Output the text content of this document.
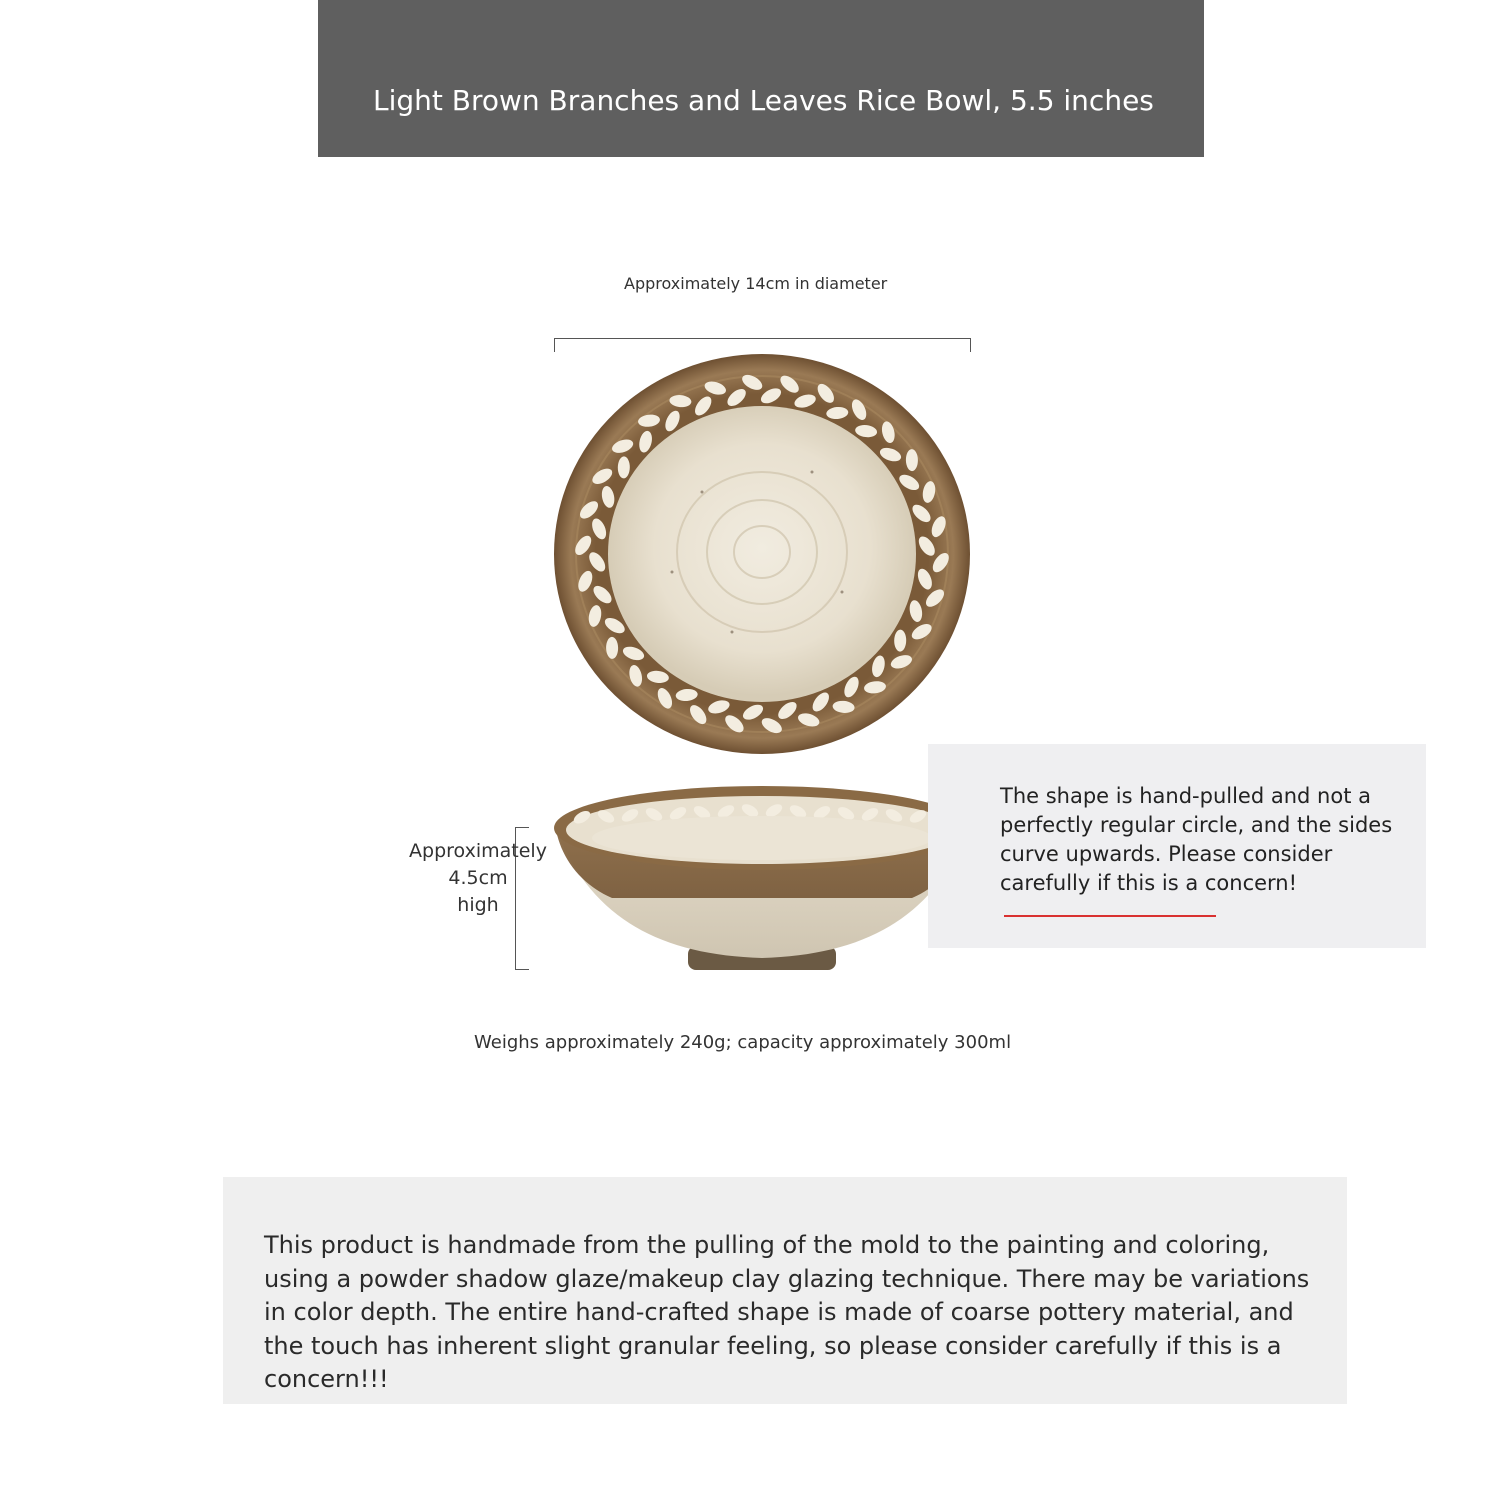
Light Brown Branches and Leaves Rice Bowl, 5.5 inches
Approximately 14cm in diameter
Approximately
4.5cm
high
The shape is hand-pulled and not a perfectly regular circle, and the sides curve upwards. Please consider carefully if this is a concern!
Weighs approximately 240g; capacity approximately 300ml
This product is handmade from the pulling of the mold to the painting and coloring, using a powder shadow glaze/makeup clay glazing technique. There may be variations in color depth. The entire hand-crafted shape is made of coarse pottery material, and the touch has inherent slight granular feeling, so please consider carefully if this is a concern!!!
